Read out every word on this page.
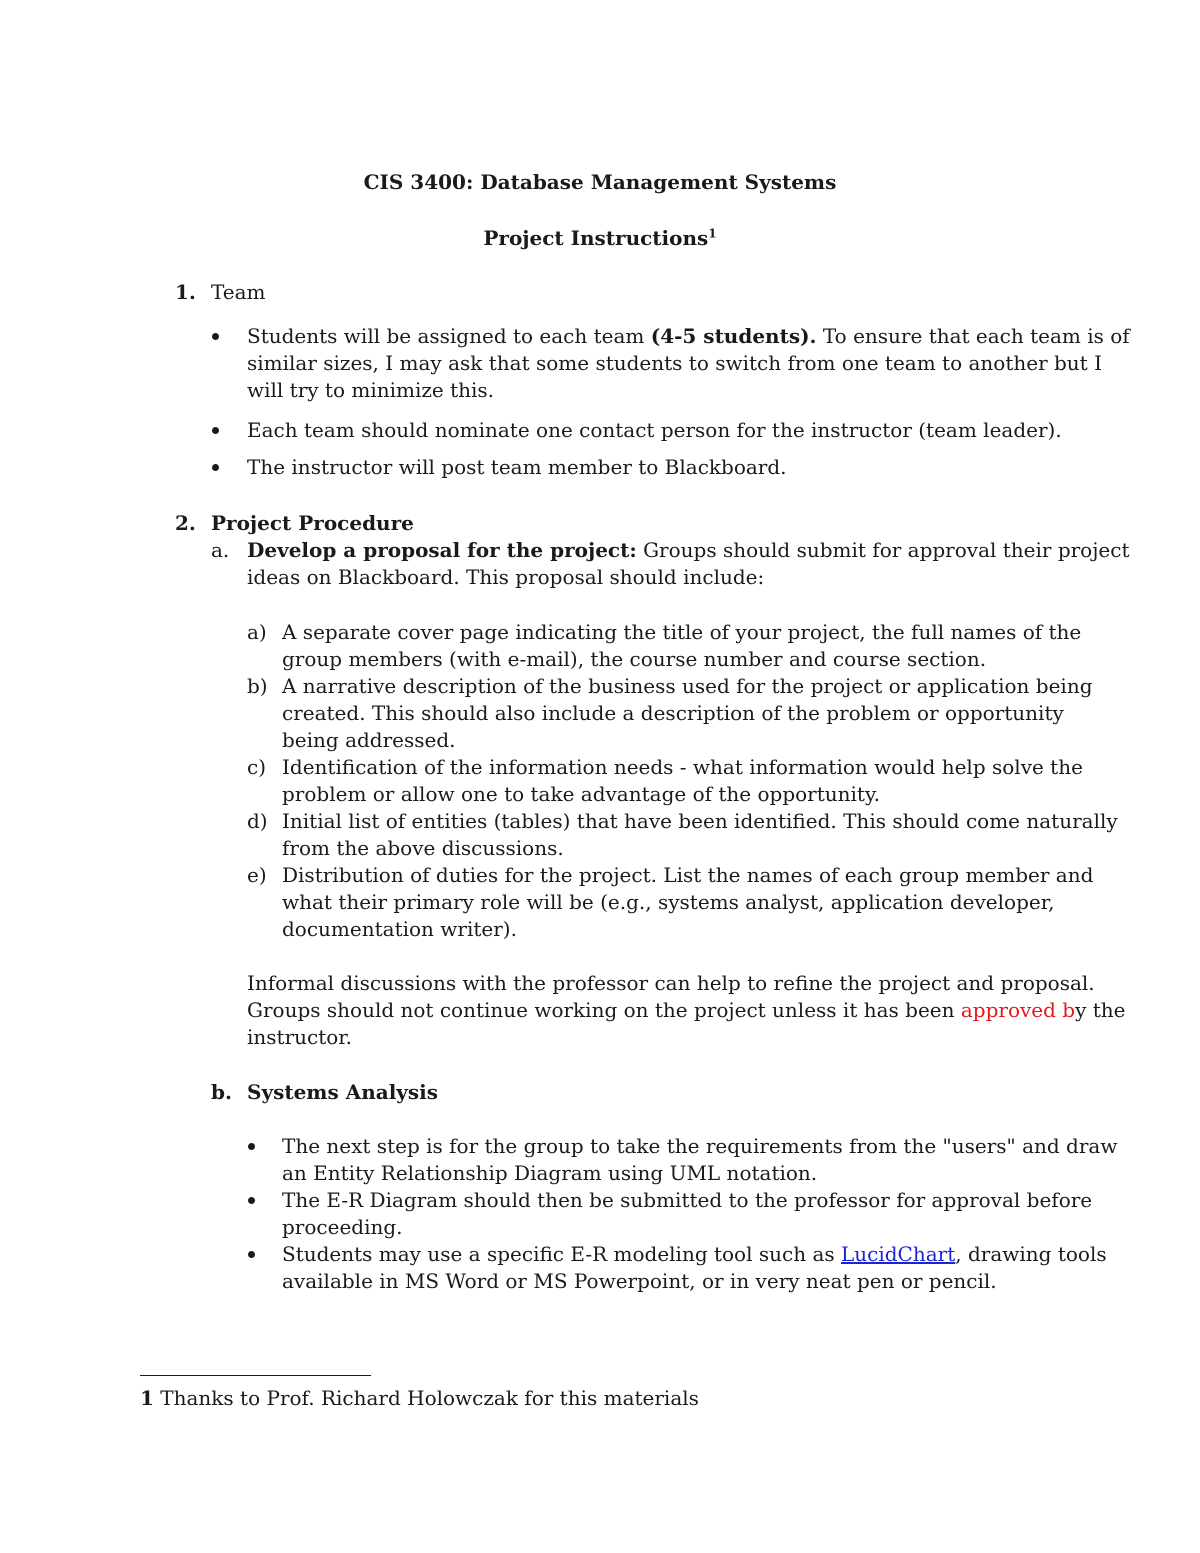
CIS 3400: Database Management Systems
Project Instructions$^1$
1. Team
Students will be assigned to each team (4-5 students). To ensure that each team is of
similar sizes, I may ask that some students to switch from one team to another but I
will try to minimize this.
Each team should nominate one contact person for the instructor (team leader).
The instructor will post team member to Blackboard.
2. Project Procedure
a. Develop a proposal for the project: Groups should submit for approval their project
ideas on Blackboard. This proposal should include:
a) A separate cover page indicating the title of your project, the full names of the
group members (with e-mail), the course number and course section.
b) A narrative description of the business used for the project or application being
created. This should also include a description of the problem or opportunity
being addressed.
c) Identification of the information needs - what information would help solve the
problem or allow one to take advantage of the opportunity.
d) Initial list of entities (tables) that have been identified. This should come naturally
from the above discussions.
e) Distribution of duties for the project. List the names of each group member and
what their primary role will be (e.g., systems analyst, application developer,
documentation writer).
Informal discussions with the professor can help to refine the project and proposal.
Groups should not continue working on the project unless it has been approved by the
instructor.
b. Systems Analysis
The next step is for the group to take the requirements from the "users" and draw
an Entity Relationship Diagram using UML notation.
The E-R Diagram should then be submitted to the professor for approval before
proceeding.
Students may use a specific E-R modeling tool such as LucidChart, drawing tools
available in MS Word or MS Powerpoint, or in very neat pen or pencil.
1 Thanks to Prof. Richard Holowczak for this materials
